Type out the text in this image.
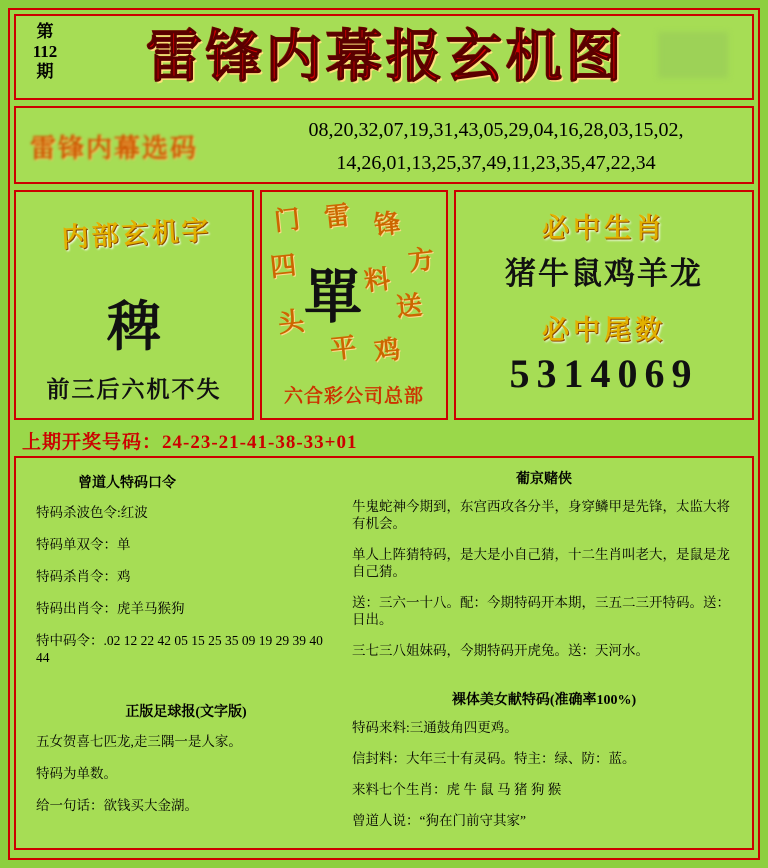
第112期	雷锋内幕报玄机图
雷锋内幕选码
08,20,32,07,19,31,43,05,29,04,16,28,03,15,02,
14,26,01,13,25,37,49,11,23,35,47,22,34
内部玄机字
稗
前三后六机不失
门 雷 锋
方
四
送
料
头
平 鸡
單
六合彩公司总部
必中生肖
猪牛鼠鸡羊龙
必中尾数
5314069
上期开奖号码：24-23-21-41-38-33+01
曾道人特码口令
特码杀波色令:红波
特码单双令：单
特码杀肖令：鸡
特码出肖令：虎羊马猴狗
特中码令：.02 12 22 42 05 15 25 35 09 19 29 39 40 44
正版足球报(文字版)
五女贺喜七匹龙,走三隅一是人家。
特码为单数。
给一句话：欲钱买大金湖。
葡京赌侠
牛鬼蛇神今期到，东宫西攻各分半，身穿鳞甲是先锋，太监大将有机会。
单人上阵猜特码，是大是小自己猜，十二生肖叫老大，是鼠是龙自己猜。
送：三六一十八。配：今期特码开本期，三五二三开特码。送：日出。
三七三八姐妹码，今期特码开虎兔。送：天河水。
裸体美女献特码(准确率100%)
特码来料:三通鼓角四更鸡。
信封料：大年三十有灵码。特主：绿、防：蓝。
来料七个生肖：虎 牛 鼠 马 猪 狗 猴
曾道人说：“狗在门前守其家”
